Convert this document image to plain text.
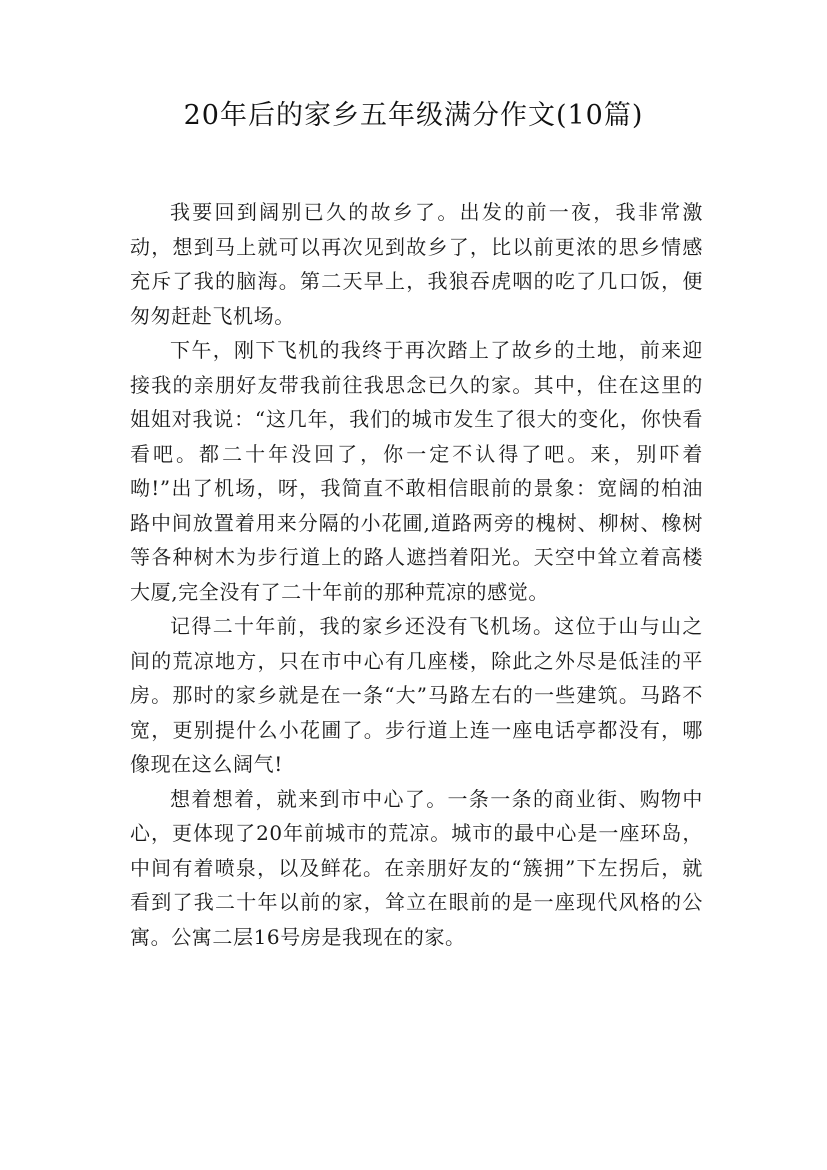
20年后的家乡五年级满分作文(10篇)

我要回到阔别已久的故乡了。出发的前一夜，我非常激动，想到马上就可以再次见到故乡了，比以前更浓的思乡情感充斥了我的脑海。第二天早上，我狼吞虎咽的吃了几口饭，便匆匆赶赴飞机场。

下午，刚下飞机的我终于再次踏上了故乡的土地，前来迎接我的亲朋好友带我前往我思念已久的家。其中，住在这里的姐姐对我说：“这几年，我们的城市发生了很大的变化，你快看看吧。都二十年没回了，你一定不认得了吧。来，别吓着呦!”出了机场，呀，我简直不敢相信眼前的景象：宽阔的柏油路中间放置着用来分隔的小花圃,道路两旁的槐树、柳树、橡树等各种树木为步行道上的路人遮挡着阳光。天空中耸立着高楼大厦,完全没有了二十年前的那种荒凉的感觉。

记得二十年前，我的家乡还没有飞机场。这位于山与山之间的荒凉地方，只在市中心有几座楼，除此之外尽是低洼的平房。那时的家乡就是在一条“大”马路左右的一些建筑。马路不宽，更别提什么小花圃了。步行道上连一座电话亭都没有，哪像现在这么阔气!

想着想着，就来到市中心了。一条一条的商业街、购物中心，更体现了20年前城市的荒凉。城市的最中心是一座环岛，中间有着喷泉，以及鲜花。在亲朋好友的“簇拥”下左拐后，就看到了我二十年以前的家，耸立在眼前的是一座现代风格的公寓。公寓二层16号房是我现在的家。
